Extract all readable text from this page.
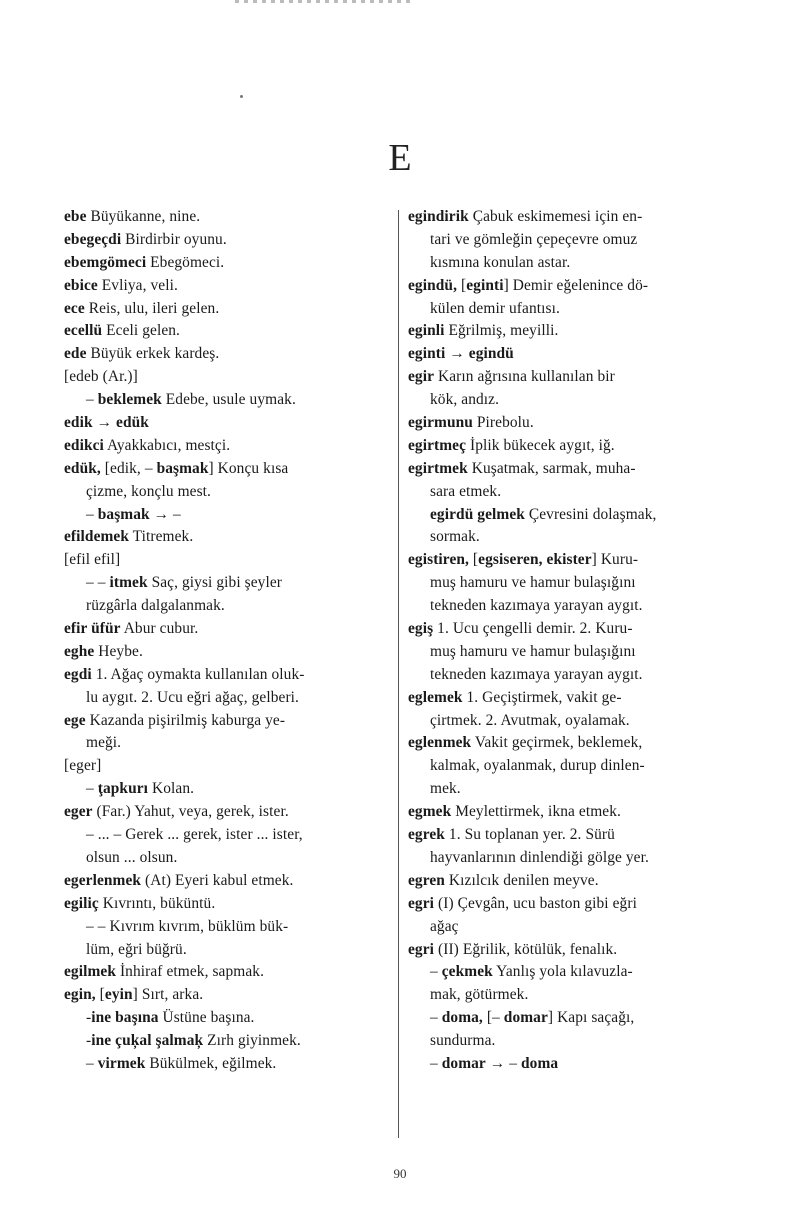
E
ebe Büyükanne, nine.
ebegeçdi Birdirbir oyunu.
ebemgömeci Ebegömeci.
ebice Evliya, veli.
ece Reis, ulu, ileri gelen.
ecellü Eceli gelen.
ede Büyük erkek kardeş.
[edeb (Ar.)]
– beklemek Edebe, usule uymak.
edik → edük
edikci Ayakkabıcı, mestçi.
edük, [edik, – başmak] Konçu kısa
çizme, konçlu mest.
– başmak → –
efildemek Titremek.
[efil efil]
– – itmek Saç, giysi gibi şeyler
rüzgârla dalgalanmak.
efir üfür Abur cubur.
eghe Heybe.
egdi 1. Ağaç oymakta kullanılan oluk-
lu aygıt. 2. Ucu eğri ağaç, gelberi.
ege Kazanda pişirilmiş kaburga ye-
meği.
[eger]
– ţapkurı Kolan.
eger (Far.) Yahut, veya, gerek, ister.
– ... – Gerek ... gerek, ister ... ister,
olsun ... olsun.
egerlenmek (At) Eyeri kabul etmek.
egiliç Kıvrıntı, büküntü.
– – Kıvrım kıvrım, büklüm bük-
lüm, eğri büğrü.
egilmek İnhiraf etmek, sapmak.
egin, [eyin] Sırt, arka.
-ine başına Üstüne başına.
-ine çuķal şalmaķ Zırh giyinmek.
– virmek Bükülmek, eğilmek.
egindirik Çabuk eskimemesi için en-
tari ve gömleğin çepeçevre omuz
kısmına konulan astar.
egindü, [eginti] Demir eğelenince dö-
külen demir ufantısı.
eginli Eğrilmiş, meyilli.
eginti → egindü
egir Karın ağrısına kullanılan bir
kök, andız.
egirmunu Pirebolu.
egirtmeç İplik bükecek aygıt, iğ.
egirtmek Kuşatmak, sarmak, muha-
sara etmek.
egirdü gelmek Çevresini dolaşmak,
sormak.
egistiren, [egsiseren, ekister] Kuru-
muş hamuru ve hamur bulaşığını
tekneden kazımaya yarayan aygıt.
egiş 1. Ucu çengelli demir. 2. Kuru-
muş hamuru ve hamur bulaşığını
tekneden kazımaya yarayan aygıt.
eglemek 1. Geçiştirmek, vakit ge-
çirtmek. 2. Avutmak, oyalamak.
eglenmek Vakit geçirmek, beklemek,
kalmak, oyalanmak, durup dinlen-
mek.
egmek Meylettirmek, ikna etmek.
egrek 1. Su toplanan yer. 2. Sürü
hayvanlarının dinlendiği gölge yer.
egren Kızılcık denilen meyve.
egri (I) Çevgân, ucu baston gibi eğri
ağaç
egri (II) Eğrilik, kötülük, fenalık.
– çekmek Yanlış yola kılavuzla-
mak, götürmek.
– doma, [– domar] Kapı saçağı,
sundurma.
– domar → – doma
90
